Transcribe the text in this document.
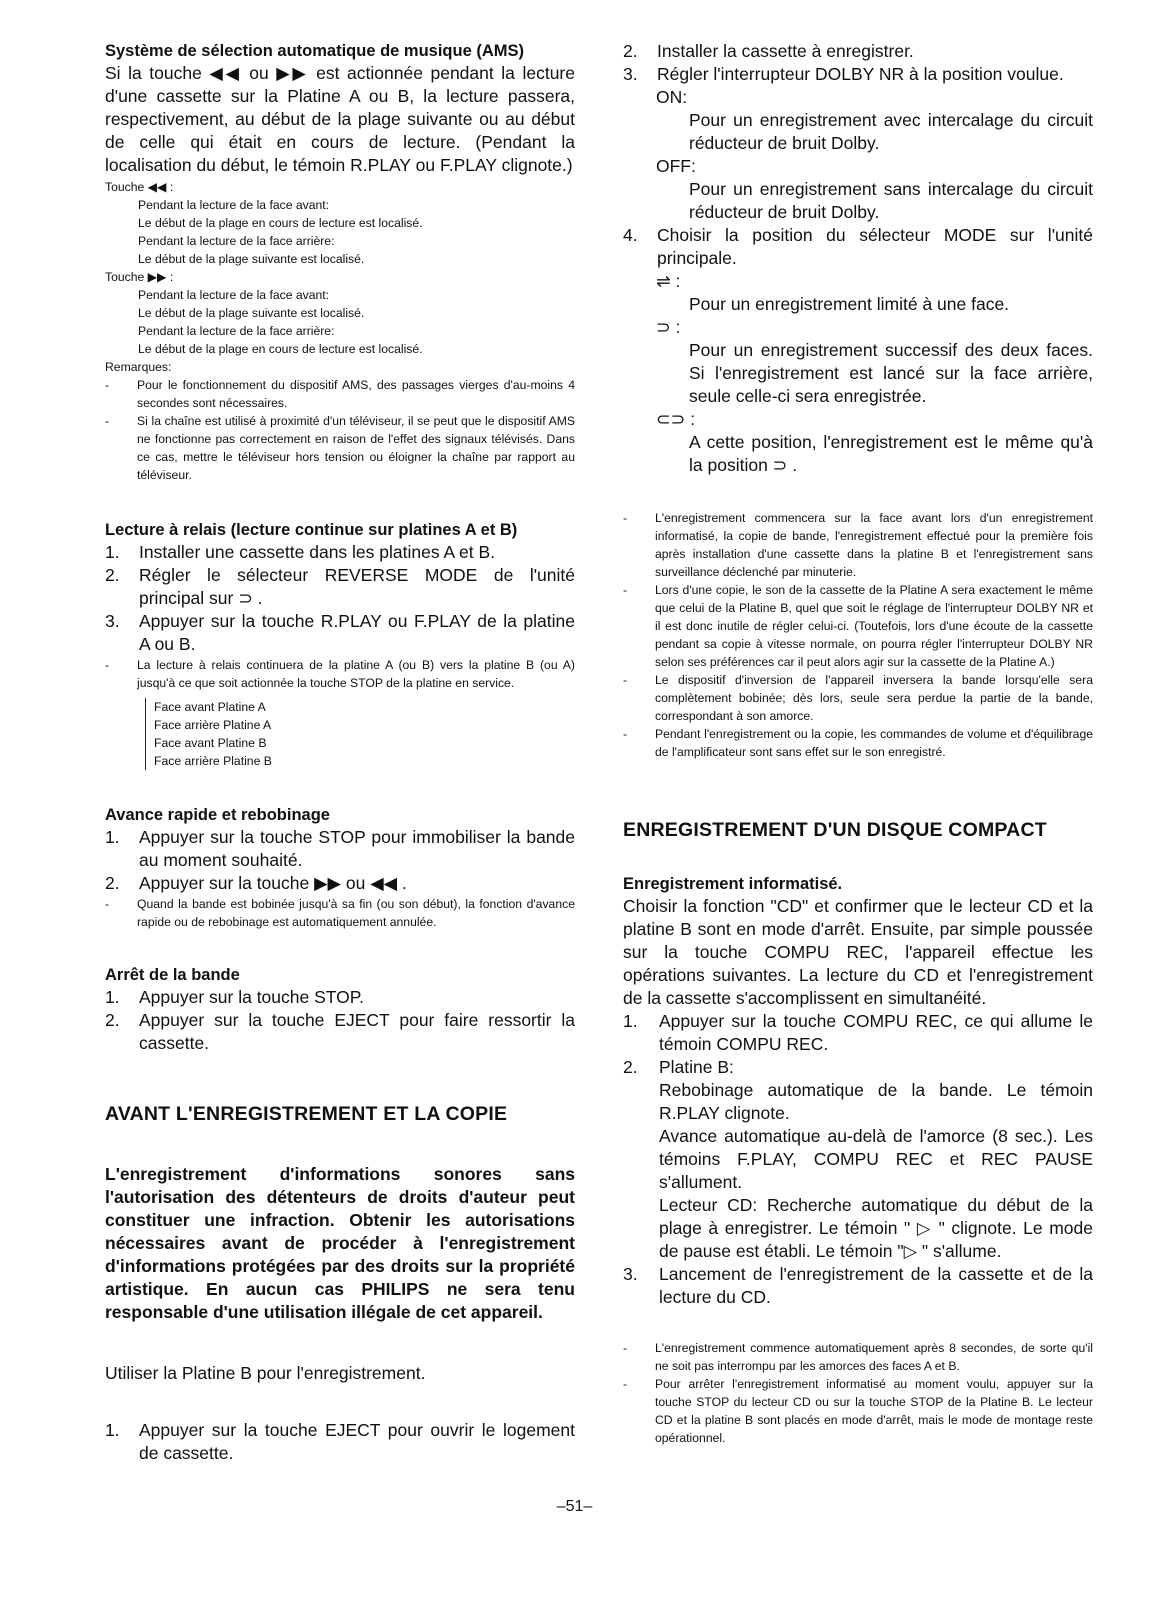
Système de sélection automatique de musique (AMS)
Si la touche ◀◀ ou ▶▶ est actionnée pendant la lecture d'une cassette sur la Platine A ou B, la lecture passera, respectivement, au début de la plage suivante ou au début de celle qui était en cours de lecture. (Pendant la localisation du début, le témoin R.PLAY ou F.PLAY clignote.)
Touche ◀◀ :
Pendant la lecture de la face avant:
Le début de la plage en cours de lecture est localisé.
Pendant la lecture de la face arrière:
Le début de la plage suivante est localisé.
Touche ▶▶ :
Pendant la lecture de la face avant:
Le début de la plage suivante est localisé.
Pendant la lecture de la face arrière:
Le début de la plage en cours de lecture est localisé.
Remarques:
- Pour le fonctionnement du dispositif AMS, des passages vierges d'au-moins 4 secondes sont nécessaires.
- Si la chaîne est utilisé à proximité d'un téléviseur, il se peut que le dispositif AMS ne fonctionne pas correctement en raison de l'effet des signaux télévisés. Dans ce cas, mettre le téléviseur hors tension ou éloigner la chaîne par rapport au téléviseur.
Lecture à relais (lecture continue sur platines A et B)
1. Installer une cassette dans les platines A et B.
2. Régler le sélecteur REVERSE MODE de l'unité principal sur ⊃ .
3. Appuyer sur la touche R.PLAY ou F.PLAY de la platine A ou B.
- La lecture à relais continuera de la platine A (ou B) vers la platine B (ou A) jusqu'à ce que soit actionnée la touche STOP de la platine en service.
Face avant Platine A
Face arrière Platine A
Face avant Platine B
Face arrière Platine B
Avance rapide et rebobinage
1. Appuyer sur la touche STOP pour immobiliser la bande au moment souhaité.
2. Appuyer sur la touche ▶▶ ou ◀◀ .
- Quand la bande est bobinée jusqu'à sa fin (ou son début), la fonction d'avance rapide ou de rebobinage est automatiquement annulée.
Arrêt de la bande
1. Appuyer sur la touche STOP.
2. Appuyer sur la touche EJECT pour faire ressortir la cassette.
AVANT L'ENREGISTREMENT ET LA COPIE
L'enregistrement d'informations sonores sans l'autorisation des détenteurs de droits d'auteur peut constituer une infraction. Obtenir les autorisations nécessaires avant de procéder à l'enregistrement d'informations protégées par des droits sur la propriété artistique. En aucun cas PHILIPS ne sera tenu responsable d'une utilisation illégale de cet appareil.
Utiliser la Platine B pour l'enregistrement.
1. Appuyer sur la touche EJECT pour ouvrir le logement de cassette.
2. Installer la cassette à enregistrer.
3. Régler l'interrupteur DOLBY NR à la position voulue.
ON:
Pour un enregistrement avec intercalage du circuit réducteur de bruit Dolby.
OFF:
Pour un enregistrement sans intercalage du circuit réducteur de bruit Dolby.
4. Choisir la position du sélecteur MODE sur l'unité principale.
⇌ :
Pour un enregistrement limité à une face.
⊃ :
Pour un enregistrement successif des deux faces. Si l'enregistrement est lancé sur la face arrière, seule celle-ci sera enregistrée.
⊂⊃ :
A cette position, l'enregistrement est le même qu'à la position ⊃ .
- L'enregistrement commencera sur la face avant lors d'un enregistrement informatisé, la copie de bande, l'enregistrement effectué pour la première fois après installation d'une cassette dans la platine B et l'enregistrement sans surveillance déclenché par minuterie.
- Lors d'une copie, le son de la cassette de la Platine A sera exactement le même que celui de la Platine B, quel que soit le réglage de l'interrupteur DOLBY NR et il est donc inutile de régler celui-ci. (Toutefois, lors d'une écoute de la cassette pendant sa copie à vitesse normale, on pourra régler l'interrupteur DOLBY NR selon ses préférences car il peut alors agir sur la cassette de la Platine A.)
- Le dispositif d'inversion de l'appareil inversera la bande lorsqu'elle sera complètement bobinée; dès lors, seule sera perdue la partie de la bande, correspondant à son amorce.
- Pendant l'enregistrement ou la copie, les commandes de volume et d'équilibrage de l'amplificateur sont sans effet sur le son enregistré.
ENREGISTREMENT D'UN DISQUE COMPACT
Enregistrement informatisé.
Choisir la fonction "CD" et confirmer que le lecteur CD et la platine B sont en mode d'arrêt. Ensuite, par simple poussée sur la touche COMPU REC, l'appareil effectue les opérations suivantes. La lecture du CD et l'enregistrement de la cassette s'accomplissent en simultanéité.
1. Appuyer sur la touche COMPU REC, ce qui allume le témoin COMPU REC.
2. Platine B:
Rebobinage automatique de la bande. Le témoin R.PLAY clignote.
Avance automatique au-delà de l'amorce (8 sec.). Les témoins F.PLAY, COMPU REC et REC PAUSE s'allument.
Lecteur CD: Recherche automatique du début de la plage à enregistrer. Le témoin " ▷ " clignote. Le mode de pause est établi. Le témoin "▷ " s'allume.
3. Lancement de l'enregistrement de la cassette et de la lecture du CD.
- L'enregistrement commence automatiquement après 8 secondes, de sorte qu'il ne soit pas interrompu par les amorces des faces A et B.
- Pour arrêter l'enregistrement informatisé au moment voulu, appuyer sur la touche STOP du lecteur CD ou sur la touche STOP de la Platine B. Le lecteur CD et la platine B sont placés en mode d'arrêt, mais le mode de montage reste opérationnel.
–51–
